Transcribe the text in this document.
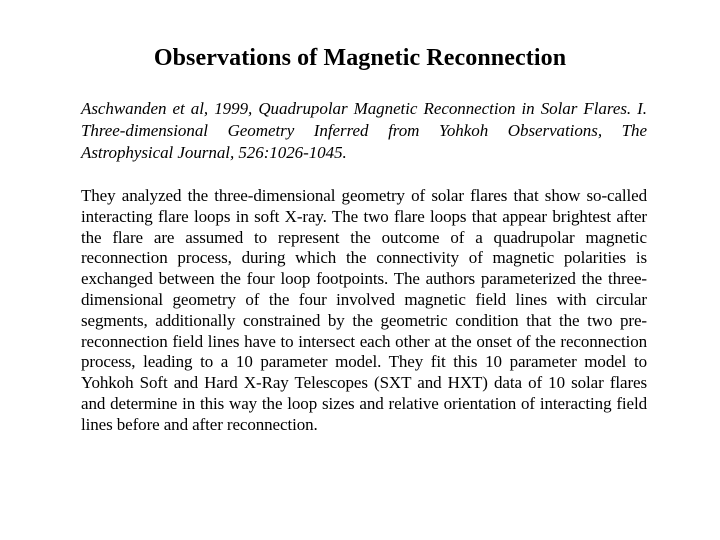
Observations of Magnetic Reconnection
Aschwanden et al, 1999, Quadrupolar Magnetic Reconnection in Solar Flares. I. Three-dimensional Geometry Inferred from Yohkoh Observations, The Astrophysical Journal, 526:1026-1045.
They analyzed the three-dimensional geometry of solar flares that show so-called interacting flare loops in soft X-ray. The two flare loops that appear brightest after the flare are assumed to represent the outcome of a quadrupolar magnetic reconnection process, during which the connectivity of magnetic polarities is exchanged between the four loop footpoints. The authors parameterized the three-dimensional geometry of the four involved magnetic field lines with circular segments, additionally constrained by the geometric condition that the two pre-reconnection field lines have to intersect each other at the onset of the reconnection process, leading to a 10 parameter model. They fit this 10 parameter model to Yohkoh Soft and Hard X-Ray Telescopes (SXT and HXT) data of 10 solar flares and determine in this way the loop sizes and relative orientation of interacting field lines before and after reconnection.
